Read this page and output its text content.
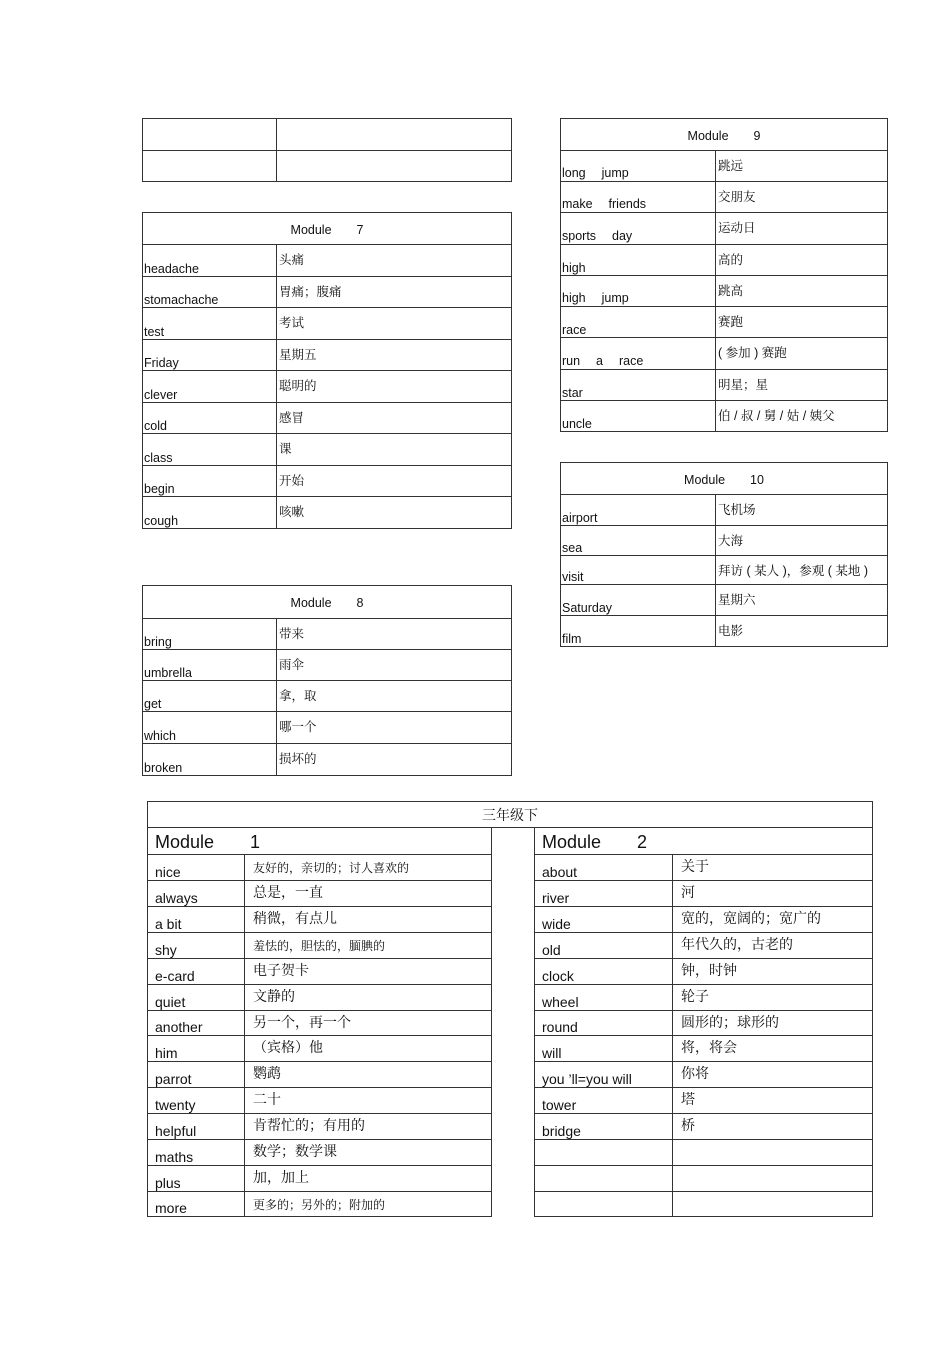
Module　　7	
headache	头痛
stomachache	胃痛；腹痛
test	考试
Friday	星期五
clever	聪明的
cold	感冒
class	课
begin	开始
cough	咳嗽
Module　　8	
bring	带来
umbrella	雨伞
get	拿，取
which	哪一个
broken	损坏的
Module　　9	
long　 jump	跳远
make　 friends	交朋友
sports　 day	运动日
high	高的
high　 jump	跳高
race	赛跑
run　 a　 race	( 参加 ) 赛跑
star	明星；星
uncle	伯 / 叔 / 舅 / 姑 / 姨父
Module　　10	
airport	飞机场
sea	大海
visit	拜访 ( 某人 )，参观 ( 某地 )
Saturday	星期六
film	电影
三年级下				
Module　　1			Module　　2	
nice	友好的，亲切的；讨人喜欢的		about	关于
always	总是，一直		river	河
a bit	稍微，有点儿		wide	宽的，宽阔的；宽广的
shy	羞怯的，胆怯的，腼腆的		old	年代久的，古老的
e-card	电子贺卡		clock	钟，时钟
quiet	文静的		wheel	轮子
another	另一个，再一个		round	圆形的；球形的
him	（宾格）他		will	将，将会
parrot	鹦鹉		you ’ll=you will	你将
twenty	二十		tower	塔
helpful	肯帮忙的；有用的		bridge	桥
maths	数学；数学课			
plus	加，加上			
more	更多的；另外的；附加的			
